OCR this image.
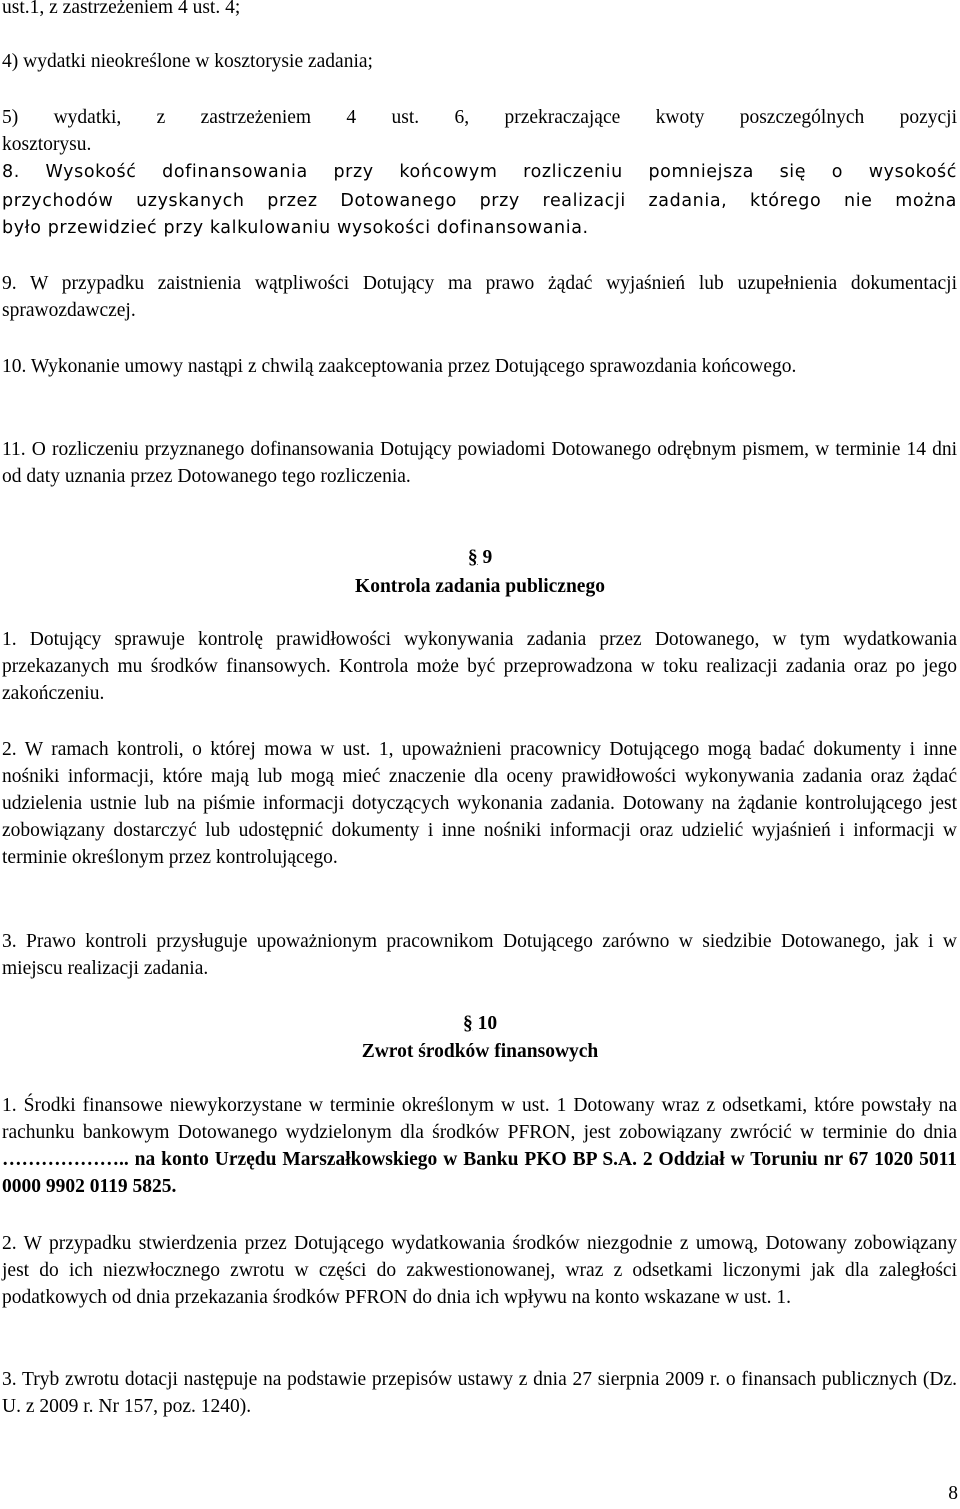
ust.1, z zastrzeżeniem 4 ust. 4;

4) wydatki nieokreślone w kosztorysie zadania;

5) wydatki, z zastrzeżeniem 4 ust. 6, przekraczające kwoty poszczególnych pozycji

kosztorysu.

8. Wysokość dofinansowania przy końcowym rozliczeniu pomniejsza się o wysokość

przychodów uzyskanych przez Dotowanego przy realizacji zadania, którego nie można

było przewidzieć przy kalkulowaniu wysokości dofinansowania.

9. W przypadku zaistnienia wątpliwości Dotujący ma prawo żądać wyjaśnień lub uzupełnienia dokumentacji sprawozdawczej.

10. Wykonanie umowy nastąpi z chwilą zaakceptowania przez Dotującego sprawozdania końcowego.

11. O rozliczeniu przyznanego dofinansowania Dotujący powiadomi Dotowanego odrębnym pismem, w terminie 14 dni od daty uznania przez Dotowanego tego rozliczenia.

§ 9

Kontrola zadania publicznego

1. Dotujący sprawuje kontrolę prawidłowości wykonywania zadania przez Dotowanego, w tym wydatkowania przekazanych mu środków finansowych. Kontrola może być przeprowadzona w toku realizacji zadania oraz po jego zakończeniu.

2. W ramach kontroli, o której mowa w ust. 1, upoważnieni pracownicy Dotującego mogą badać dokumenty i inne nośniki informacji, które mają lub mogą mieć znaczenie dla oceny prawidłowości wykonywania zadania oraz żądać udzielenia ustnie lub na piśmie informacji dotyczących wykonania zadania. Dotowany na żądanie kontrolującego jest zobowiązany dostarczyć lub udostępnić dokumenty i inne nośniki informacji oraz udzielić wyjaśnień i informacji w terminie określonym przez kontrolującego.

3. Prawo kontroli przysługuje upoważnionym pracownikom Dotującego zarówno w siedzibie Dotowanego, jak i w miejscu realizacji zadania.

§ 10

Zwrot środków finansowych

1. Środki finansowe niewykorzystane w terminie określonym w ust. 1 Dotowany wraz z odsetkami, które powstały na rachunku bankowym Dotowanego wydzielonym dla środków PFRON, jest zobowiązany zwrócić w terminie do dnia ……………….. na konto Urzędu Marszałkowskiego w Banku PKO BP S.A. 2 Oddział w Toruniu nr 67 1020 5011 0000 9902 0119 5825.

2. W przypadku stwierdzenia przez Dotującego wydatkowania środków niezgodnie z umową, Dotowany zobowiązany jest do ich niezwłocznego zwrotu w części do zakwestionowanej, wraz z odsetkami liczonymi jak dla zaległości podatkowych od dnia przekazania środków PFRON do dnia ich wpływu na konto wskazane w ust. 1.

3. Tryb zwrotu dotacji następuje na podstawie przepisów ustawy z dnia 27 sierpnia 2009 r. o finansach publicznych (Dz. U. z 2009 r. Nr 157, poz. 1240).

8
